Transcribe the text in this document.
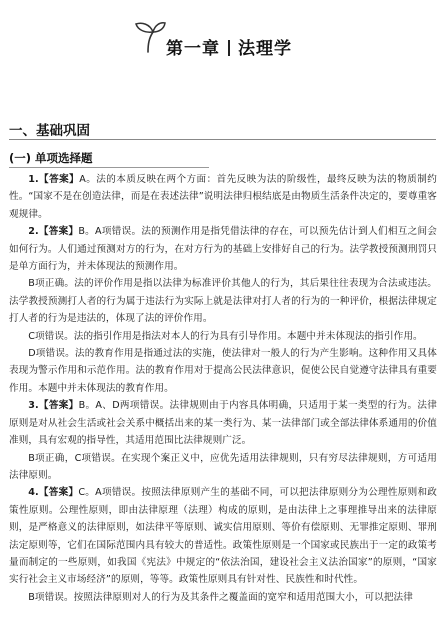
第一章 法理学
一、基础巩固
(一) 单项选择题

1.【答案】A。法的本质反映在两个方面：首先反映为法的阶级性，最终反映为法的物质制约性。“国家不是在创造法律，而是在表述法律”说明法律归根结底是由物质生活条件决定的，要尊重客观规律。

2.【答案】B。A项错误。法的预测作用是指凭借法律的存在，可以预先估计到人们相互之间会如何行为。人们通过预测对方的行为，在对方行为的基础上安排好自己的行为。法学教授预测刑罚只是单方面行为，并未体现法的预测作用。

B项正确。法的评价作用是指以法律为标准评价其他人的行为，其后果往往表现为合法或违法。法学教授预测打人者的行为属于违法行为实际上就是法律对打人者的行为的一种评价，根据法律规定打人者的行为是违法的，体现了法的评价作用。

C项错误。法的指引作用是指法对本人的行为具有引导作用。本题中并未体现法的指引作用。

D项错误。法的教育作用是指通过法的实施，使法律对一般人的行为产生影响。这种作用又具体表现为警示作用和示范作用。法的教育作用对于提高公民法律意识，促使公民自觉遵守法律具有重要作用。本题中并未体现法的教育作用。

3.【答案】B。A、D两项错误。法律规则由于内容具体明确，只适用于某一类型的行为。法律原则是对从社会生活或社会关系中概括出来的某一类行为、某一法律部门或全部法律体系通用的价值准则，具有宏观的指导性，其适用范围比法律规则广泛。

B项正确，C项错误。在实现个案正义中，应优先适用法律规则，只有穷尽法律规则，方可适用法律原则。

4.【答案】C。A项错误。按照法律原则产生的基础不同，可以把法律原则分为公理性原则和政策性原则。公理性原则，即由法律原理（法理）构成的原则，是由法律上之事理推导出来的法律原则，是严格意义的法律原则，如法律平等原则、诚实信用原则、等价有偿原则、无罪推定原则、罪刑法定原则等，它们在国际范围内具有较大的普适性。政策性原则是一个国家或民族出于一定的政策考量而制定的一些原则，如我国《宪法》中规定的“依法治国，建设社会主义法治国家”的原则，“国家实行社会主义市场经济”的原则，等等。政策性原则具有针对性、民族性和时代性。

B项错误。按照法律原则对人的行为及其条件之覆盖面的宽窄和适用范围大小，可以把法律
